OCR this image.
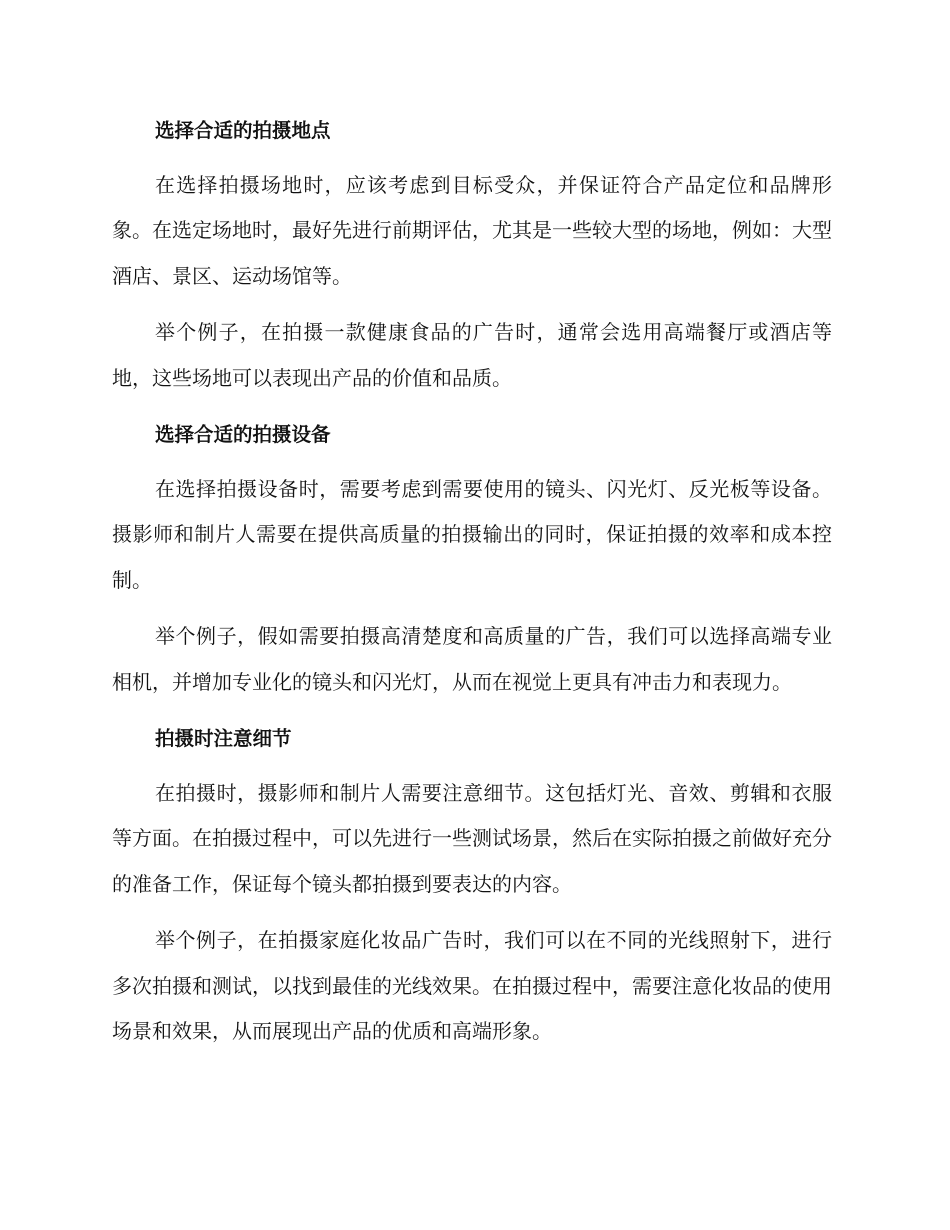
选择合适的拍摄地点

在选择拍摄场地时，应该考虑到目标受众，并保证符合产品定位和品牌形象。在选定场地时，最好先进行前期评估，尤其是一些较大型的场地，例如：大型酒店、景区、运动场馆等。

举个例子，在拍摄一款健康食品的广告时，通常会选用高端餐厅或酒店等地，这些场地可以表现出产品的价值和品质。

选择合适的拍摄设备

在选择拍摄设备时，需要考虑到需要使用的镜头、闪光灯、反光板等设备。摄影师和制片人需要在提供高质量的拍摄输出的同时，保证拍摄的效率和成本控制。

举个例子，假如需要拍摄高清楚度和高质量的广告，我们可以选择高端专业相机，并增加专业化的镜头和闪光灯，从而在视觉上更具有冲击力和表现力。

拍摄时注意细节

在拍摄时，摄影师和制片人需要注意细节。这包括灯光、音效、剪辑和衣服等方面。在拍摄过程中，可以先进行一些测试场景，然后在实际拍摄之前做好充分的准备工作，保证每个镜头都拍摄到要表达的内容。

举个例子，在拍摄家庭化妆品广告时，我们可以在不同的光线照射下，进行多次拍摄和测试，以找到最佳的光线效果。在拍摄过程中，需要注意化妆品的使用场景和效果，从而展现出产品的优质和高端形象。
